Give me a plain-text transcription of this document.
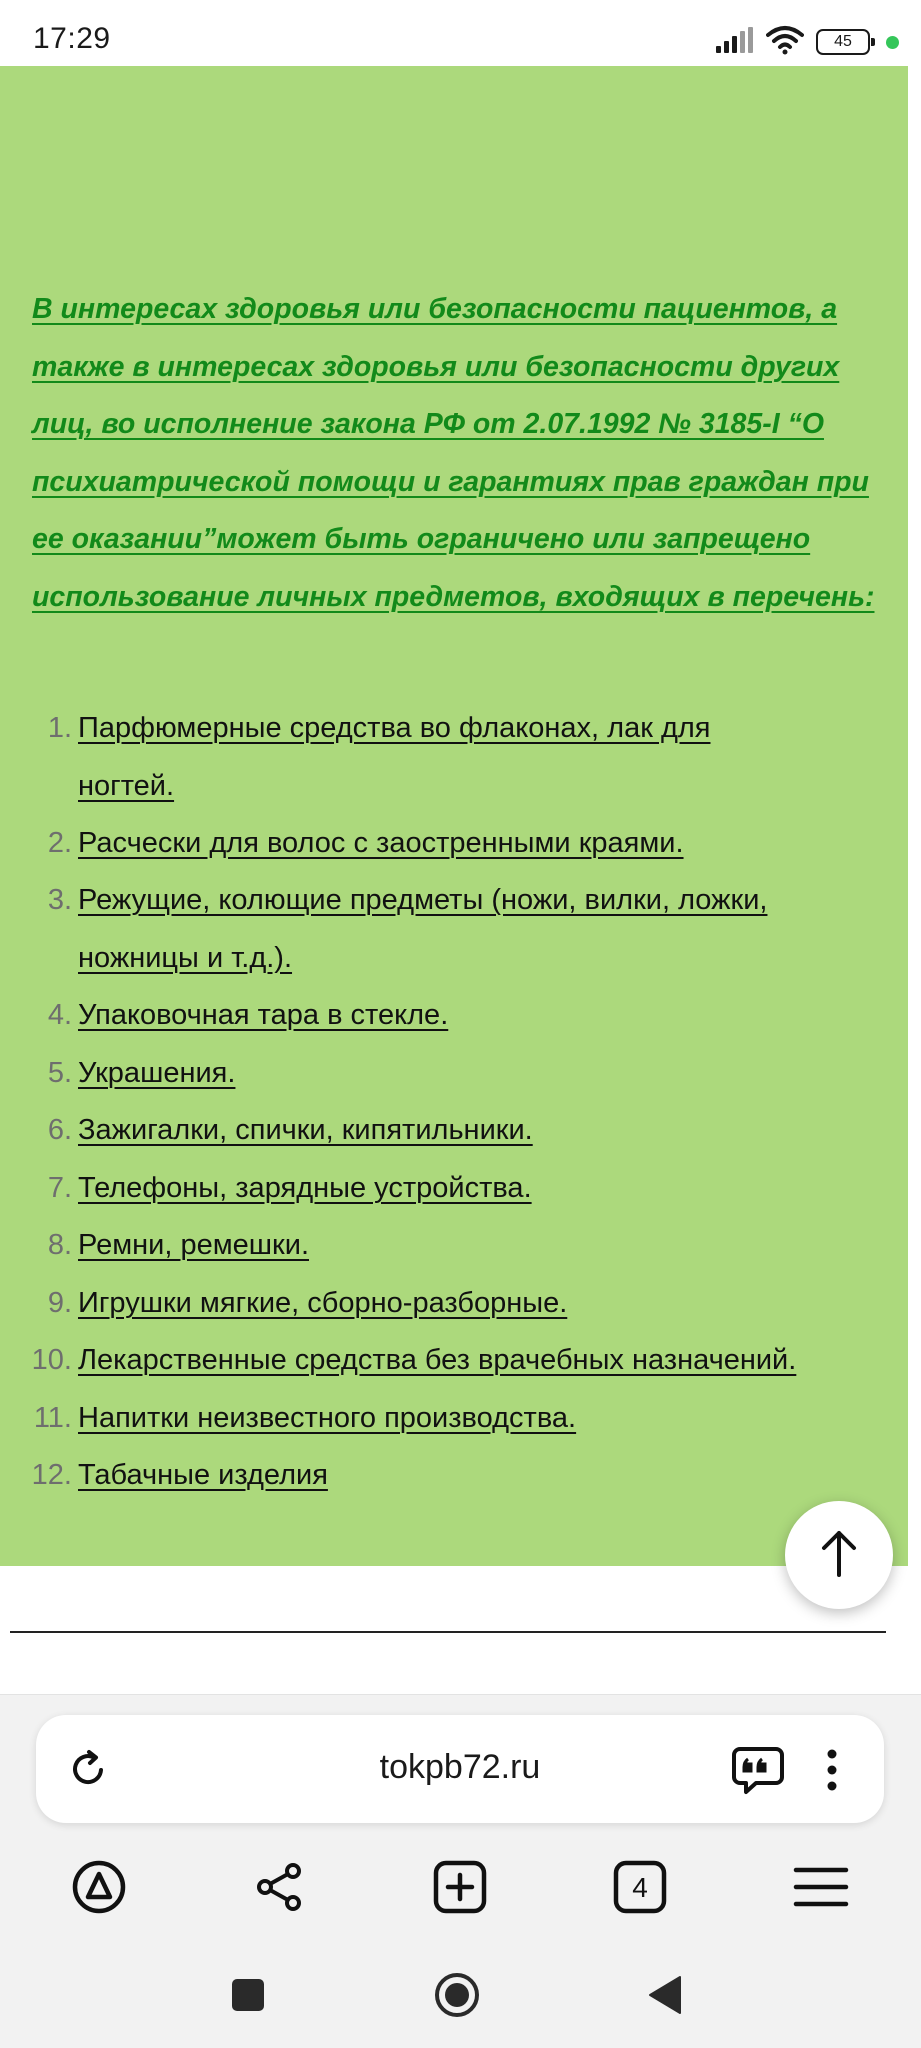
17:29	45
В интересах здоровья или безопасности пациентов, а
также в интересах здоровья или безопасности других
лиц, во исполнение закона РФ от 2.07.1992 № 3185-I “О
психиатрической помощи и гарантиях прав граждан при
ее оказании”может быть ограничено или запрещено
использование личных предметов, входящих в перечень:
1. Парфюмерные средства во флаконах, лак для
ногтей.
2. Расчески для волос с заостренными краями.
3. Режущие, колющие предметы (ножи, вилки, ложки,
ножницы и т.д.).
4. Упаковочная тара в стекле.
5. Украшения.
6. Зажигалки, спички, кипятильники.
7. Телефоны, зарядные устройства.
8. Ремни, ремешки.
9. Игрушки мягкие, сборно-разборные.
10. Лекарственные средства без врачебных назначений.
11. Напитки неизвестного производства.
12. Табачные изделия
tokpb72.ru
4
